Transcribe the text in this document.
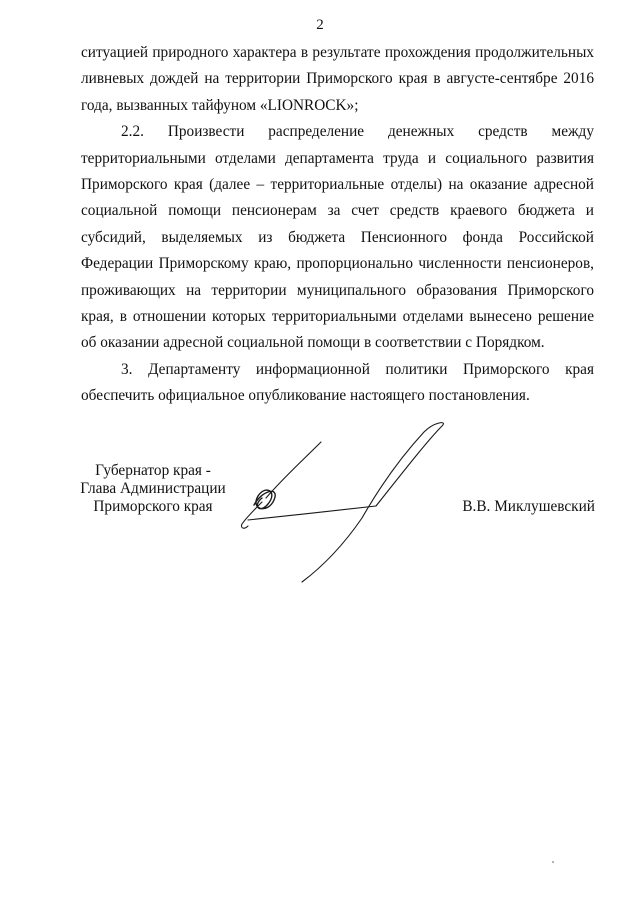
2

ситуацией природного характера в результате прохождения продолжительных ливневых дождей на территории Приморского края в августе-сентябре 2016 года, вызванных тайфуном «LIONROCK»;

2.2. Произвести распределение денежных средств между территориальными отделами департамента труда и социального развития Приморского края (далее – территориальные отделы) на оказание адресной социальной помощи пенсионерам за счет средств краевого бюджета и субсидий, выделяемых из бюджета Пенсионного фонда Российской Федерации Приморскому краю, пропорционально численности пенсионеров, проживающих на территории муниципального образования Приморского края, в отношении которых территориальными отделами вынесено решение об оказании адресной социальной помощи в соответствии с Порядком.

3. Департаменту информационной политики Приморского края обеспечить официальное опубликование настоящего постановления.

Губернатор края -
Глава Администрации
Приморского края	В.В. Миклушевский
